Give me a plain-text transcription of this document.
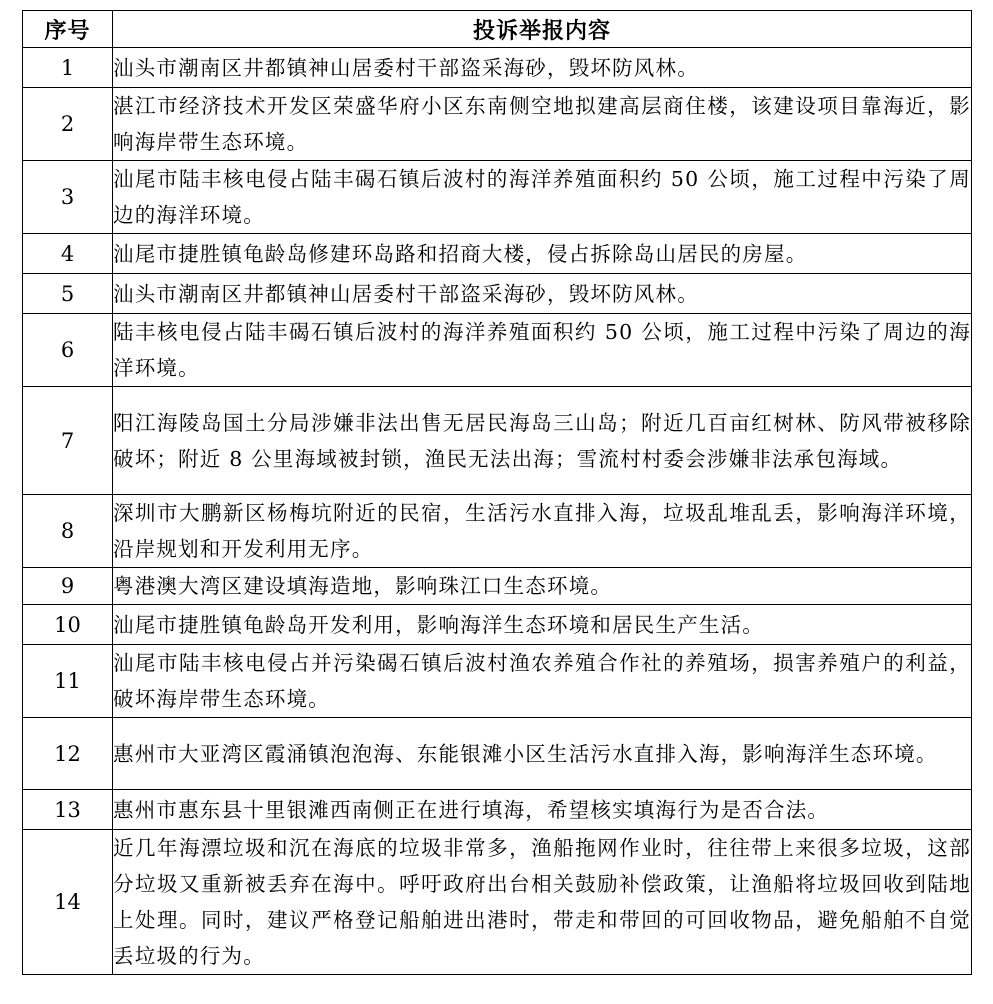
序号	投诉举报内容
1	汕头市潮南区井都镇神山居委村干部盗采海砂，毁坏防风林。
2	湛江市经济技术开发区荣盛华府小区东南侧空地拟建高层商住楼，该建设项目靠海近，影响海岸带生态环境。
3	汕尾市陆丰核电侵占陆丰碣石镇后波村的海洋养殖面积约 50 公顷，施工过程中污染了周边的海洋环境。
4	汕尾市捷胜镇龟龄岛修建环岛路和招商大楼，侵占拆除岛山居民的房屋。
5	汕头市潮南区井都镇神山居委村干部盗采海砂，毁坏防风林。
6	陆丰核电侵占陆丰碣石镇后波村的海洋养殖面积约 50 公顷，施工过程中污染了周边的海洋环境。
7	阳江海陵岛国土分局涉嫌非法出售无居民海岛三山岛；附近几百亩红树林、防风带被移除破坏；附近 8 公里海域被封锁，渔民无法出海；雪流村村委会涉嫌非法承包海域。
8	深圳市大鹏新区杨梅坑附近的民宿，生活污水直排入海，垃圾乱堆乱丢，影响海洋环境，沿岸规划和开发利用无序。
9	粤港澳大湾区建设填海造地，影响珠江口生态环境。
10	汕尾市捷胜镇龟龄岛开发利用，影响海洋生态环境和居民生产生活。
11	汕尾市陆丰核电侵占并污染碣石镇后波村渔农养殖合作社的养殖场，损害养殖户的利益，破坏海岸带生态环境。
12	惠州市大亚湾区霞涌镇泡泡海、东能银滩小区生活污水直排入海，影响海洋生态环境。
13	惠州市惠东县十里银滩西南侧正在进行填海，希望核实填海行为是否合法。
14	近几年海漂垃圾和沉在海底的垃圾非常多，渔船拖网作业时，往往带上来很多垃圾，这部分垃圾又重新被丢弃在海中。呼吁政府出台相关鼓励补偿政策，让渔船将垃圾回收到陆地上处理。同时，建议严格登记船舶进出港时，带走和带回的可回收物品，避免船舶不自觉丢垃圾的行为。
